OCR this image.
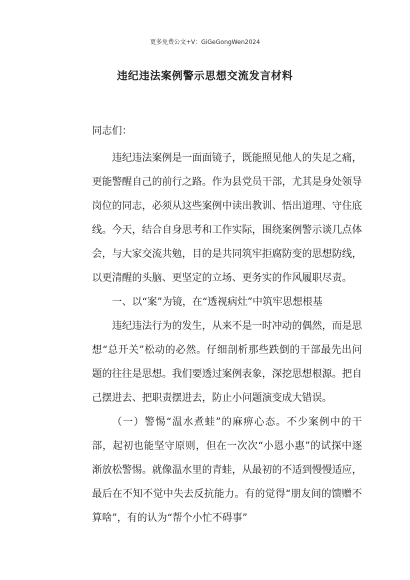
更多免费公文+V：GiGeGongWen2024
违纪违法案例警示思想交流发言材料

同志们：

违纪违法案例是一面面镜子，既能照见他人的失足之痛，更能警醒自己的前行之路。作为县党员干部，尤其是身处领导岗位的同志，必须从这些案例中读出教训、悟出道理、守住底线。今天，结合自身思考和工作实际，围绕案例警示谈几点体会，与大家交流共勉，目的是共同筑牢拒腐防变的思想防线，以更清醒的头脑、更坚定的立场、更务实的作风履职尽责。

一、以“案”为镜，在“透视病灶”中筑牢思想根基

违纪违法行为的发生，从来不是一时冲动的偶然，而是思想“总开关”松动的必然。仔细剖析那些跌倒的干部最先出问题的往往是思想。我们要透过案例表象，深挖思想根源。把自己摆进去、把职责摆进去，防止小问题演变成大错误。

（一）警惕“温水煮蛙”的麻痹心态。不少案例中的干部，起初也能坚守原则，但在一次次“小恩小惠”的试探中逐渐放松警惕。就像温水里的青蛙，从最初的不适到慢慢适应，最后在不知不觉中失去反抗能力。有的觉得“朋友间的馈赠不算啥”，有的认为“帮个小忙不碍事”
